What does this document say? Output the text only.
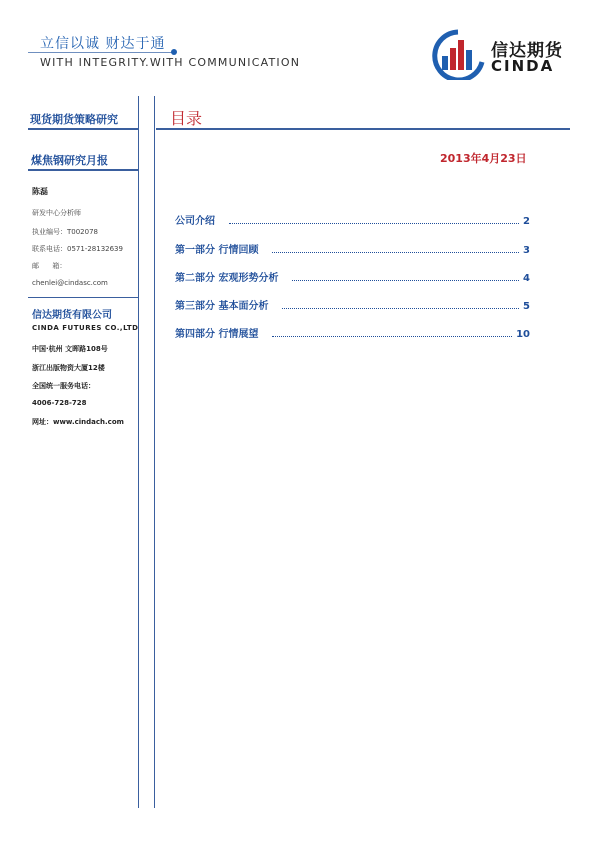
立信以诚 财达于通
WITH INTEGRITY.WITH COMMUNICATION
信达期货
CINDA
现货期货策略研究
煤焦钢研究月报
陈磊
研发中心分析师
执业编号：T002078
联系电话：0571-28132639
邮      箱：
chenlei@cindasc.com
信达期货有限公司
CINDA FUTURES CO.,LTD
中国·杭州 文晖路108号
浙江出版物资大厦12楼
全国统一服务电话：
4006-728-728
网址：www.cindach.com
目录
2013年4月23日
公司介绍	2
第一部分 行情回顾	3
第二部分 宏观形势分析	4
第三部分 基本面分析	5
第四部分 行情展望	10
